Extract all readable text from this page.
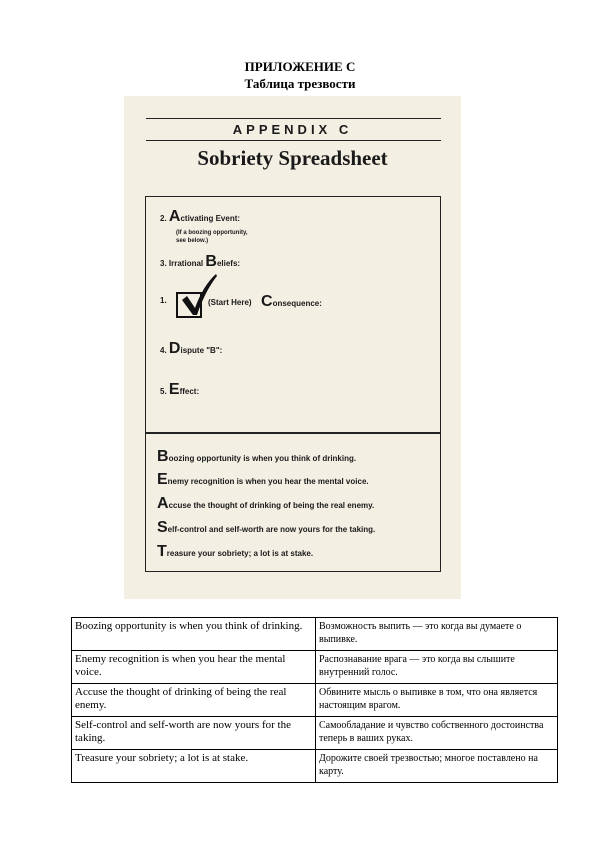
ПРИЛОЖЕНИЕ С
Таблица трезвости
APPENDIX C
Sobriety Spreadsheet
2. Activating Event:
(If a boozing opportunity,
see below.)
3. Irrational Beliefs:
1.	(Start Here) Consequence:
4. Dispute "B":
5. Effect:
Boozing opportunity is when you think of drinking.
Enemy recognition is when you hear the mental voice.
Accuse the thought of drinking of being the real enemy.
Self-control and self-worth are now yours for the taking.
Treasure your sobriety; a lot is at stake.
Boozing opportunity is when you think of drinking.	Возможность выпить — это когда вы думаете о выпивке.
Enemy recognition is when you hear the mental voice.	Распознавание врага — это когда вы слышите внутренний голос.
Accuse the thought of drinking of being the real enemy.	Обвините мысль о выпивке в том, что она является настоящим врагом.
Self-control and self-worth are now yours for the taking.	Самообладание и чувство собственного достоинства теперь в ваших руках.
Treasure your sobriety; a lot is at stake.	Дорожите своей трезвостью; многое поставлено на карту.
